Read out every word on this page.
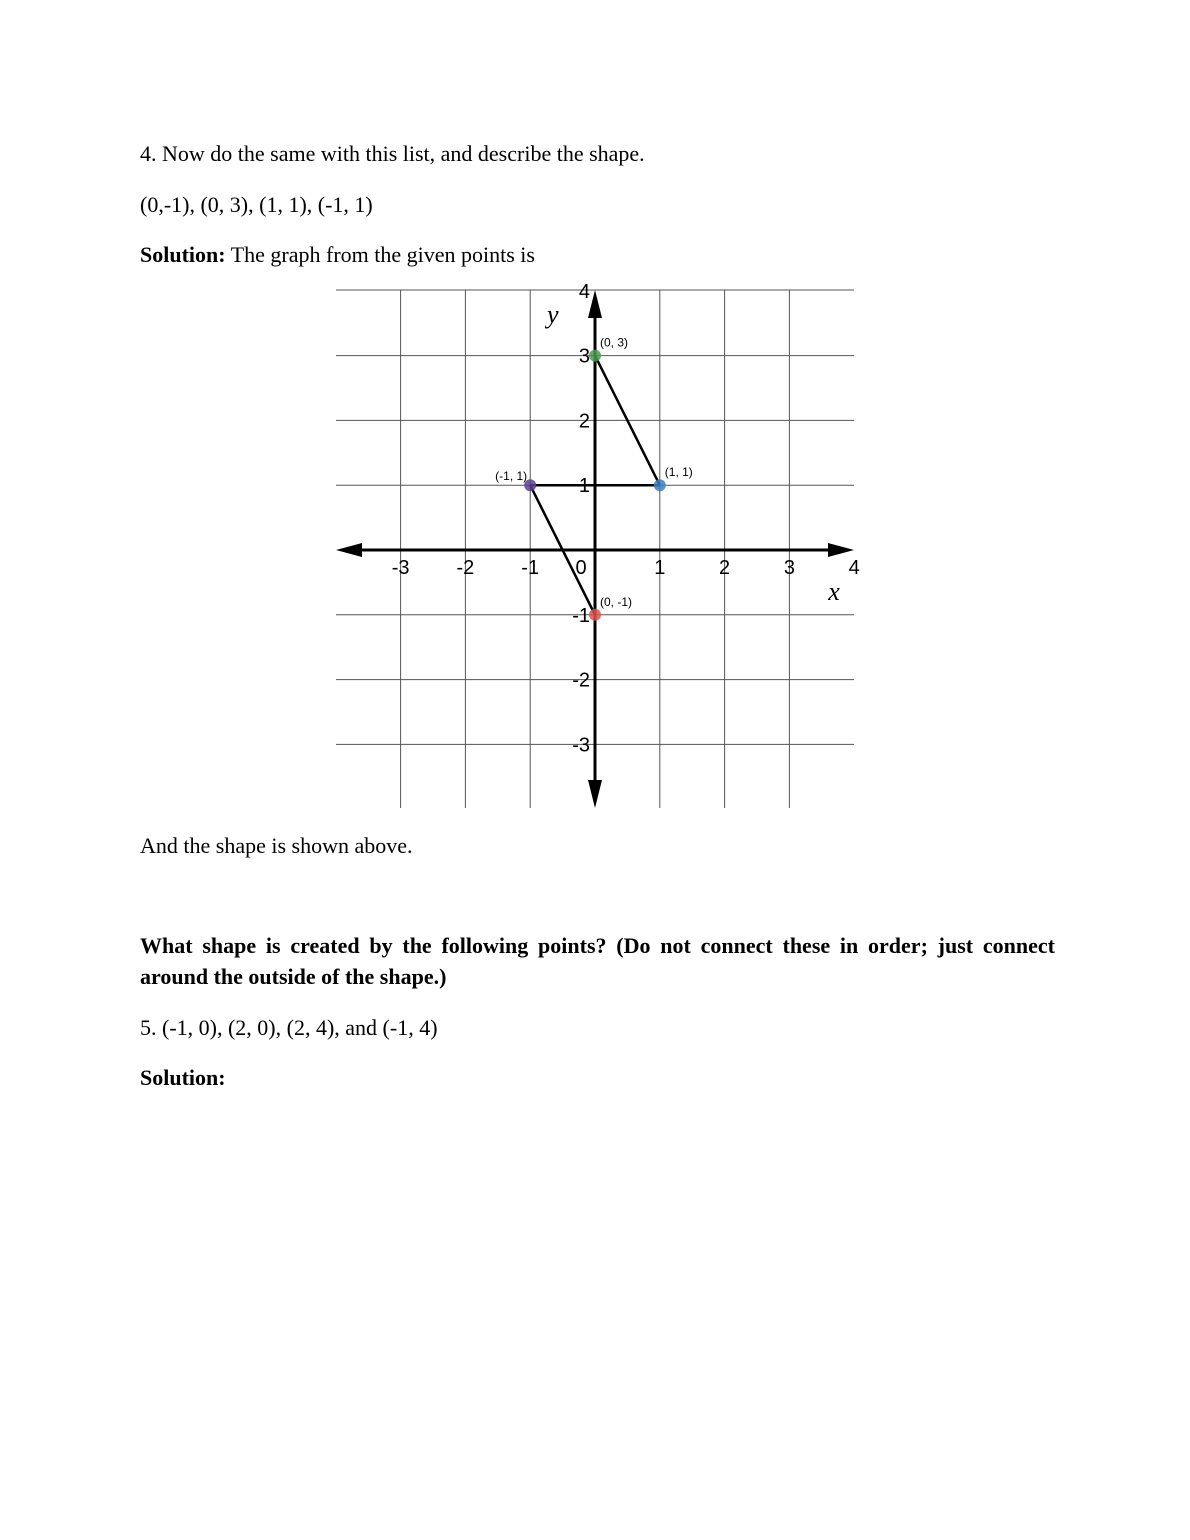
4. Now do the same with this list, and describe the shape.

(0,-1), (0, 3), (1, 1), (-1, 1)

Solution: The graph from the given points is

(0, 3)
(1, 1)
(-1, 1)
(0, -1)
-3 -2 -1 0	1	2	3	4
4
3
2
1
-1
-2
-3
x
y

And the shape is shown above.

What shape is created by the following points? (Do not connect these in order; just connect around the outside of the shape.)

5. (-1, 0), (2, 0), (2, 4), and (-1, 4)

Solution:
